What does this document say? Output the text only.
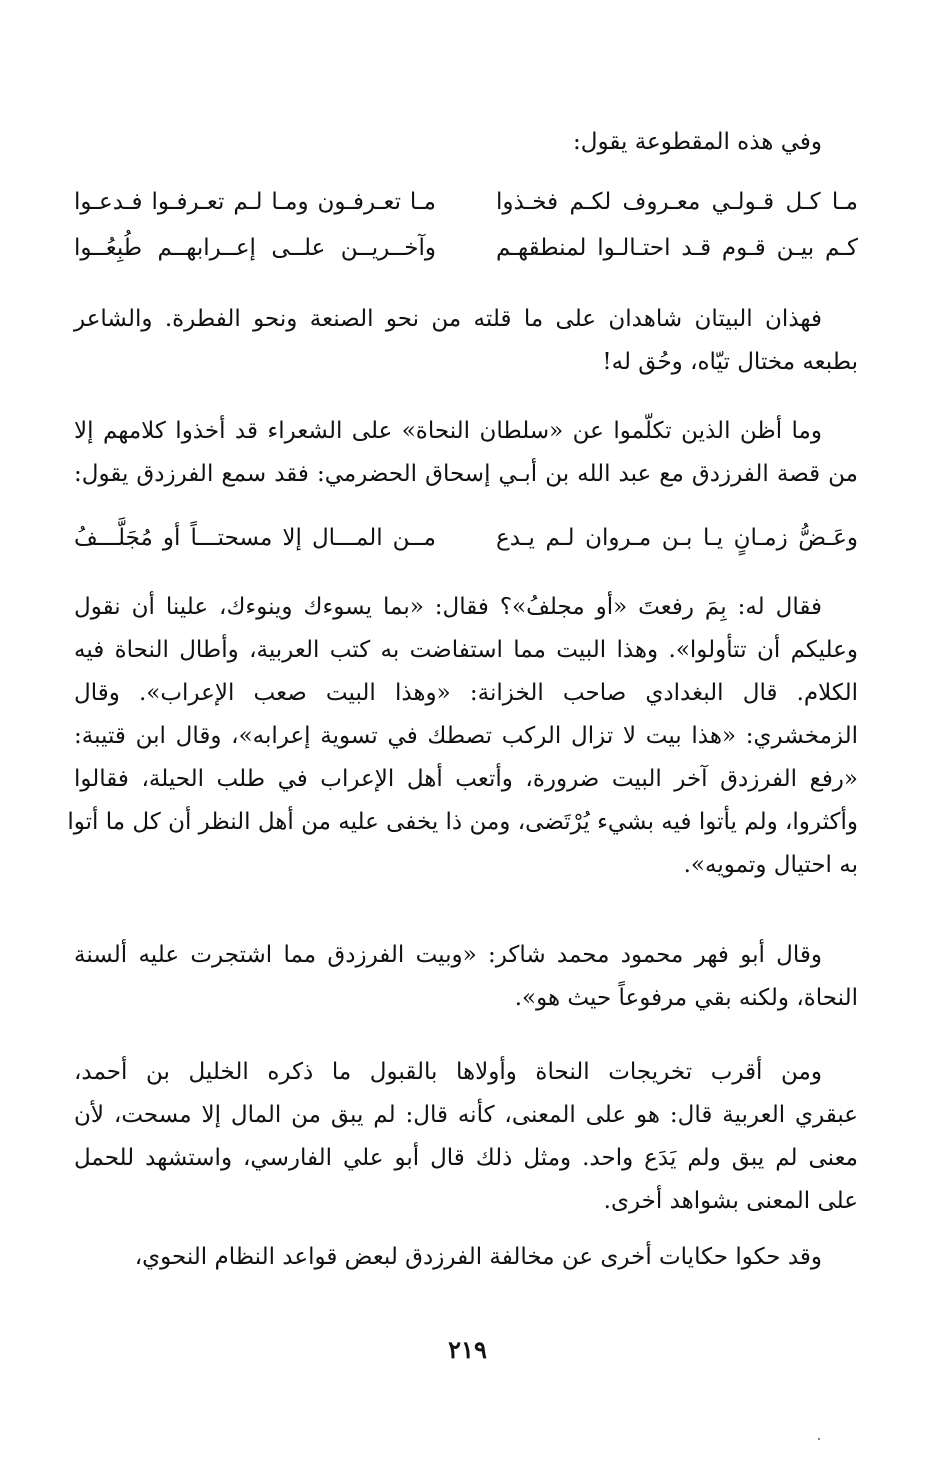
وفي هذه المقطوعة يقول:
مـا كـل قـولـي معـروف لكـم فخـذوا
مـا تعـرفـون ومـا لـم تعـرفـوا فـدعـوا
كـم بيـن قـوم قـد احتـالـوا لمنطقهـم
وآخــريــن علــى إعــرابهــم طُبِعُــوا
فهذان البيتان شاهدان على ما قلته من نحو الصنعة ونحو الفطرة. والشاعر
بطبعه مختال تيّاه، وحُق له!
وما أظن الذين تكلّموا عن «سلطان النحاة» على الشعراء قد أخذوا كلامهم إلا
من قصة الفرزدق مع عبد الله بن أبـي إسحاق الحضرمي: فقد سمع الفرزدق يقول:
وعَـضُّ زمـانٍ يـا بـن مـروان لـم يـدع
مــن المـــال إلا مسحتـــاً أو مُجَلَّـــفُ
فقال له: بِمَ رفعتَ «أو مجلفُ»؟ فقال: «بما يسوءك وينوءك، علينا أن نقول
وعليكم أن تتأولوا». وهذا البيت مما استفاضت به كتب العربية، وأطال النحاة فيه
الكلام. قال البغدادي صاحب الخزانة: «وهذا البيت صعب الإعراب». وقال
الزمخشري: «هذا بيت لا تزال الركب تصطك في تسوية إعرابه»، وقال ابن قتيبة:
«رفع الفرزدق آخر البيت ضرورة، وأتعب أهل الإعراب في طلب الحيلة، فقالوا
وأكثروا، ولم يأتوا فيه بشيء يُرْتَضى، ومن ذا يخفى عليه من أهل النظر أن كل ما أتوا
به احتيال وتمويه».
وقال أبو فهر محمود محمد شاكر: «وبيت الفرزدق مما اشتجرت عليه ألسنة
النحاة، ولكنه بقي مرفوعاً حيث هو».
ومن أقرب تخريجات النحاة وأولاها بالقبول ما ذكره الخليل بن أحمد،
عبقري العربية قال: هو على المعنى، كأنه قال: لم يبق من المال إلا مسحت، لأن
معنى لم يبق ولم يَدَع واحد. ومثل ذلك قال أبو علي الفارسي، واستشهد للحمل
على المعنى بشواهد أخرى.
وقد حكوا حكايات أخرى عن مخالفة الفرزدق لبعض قواعد النظام النحوي،
٢١٩
